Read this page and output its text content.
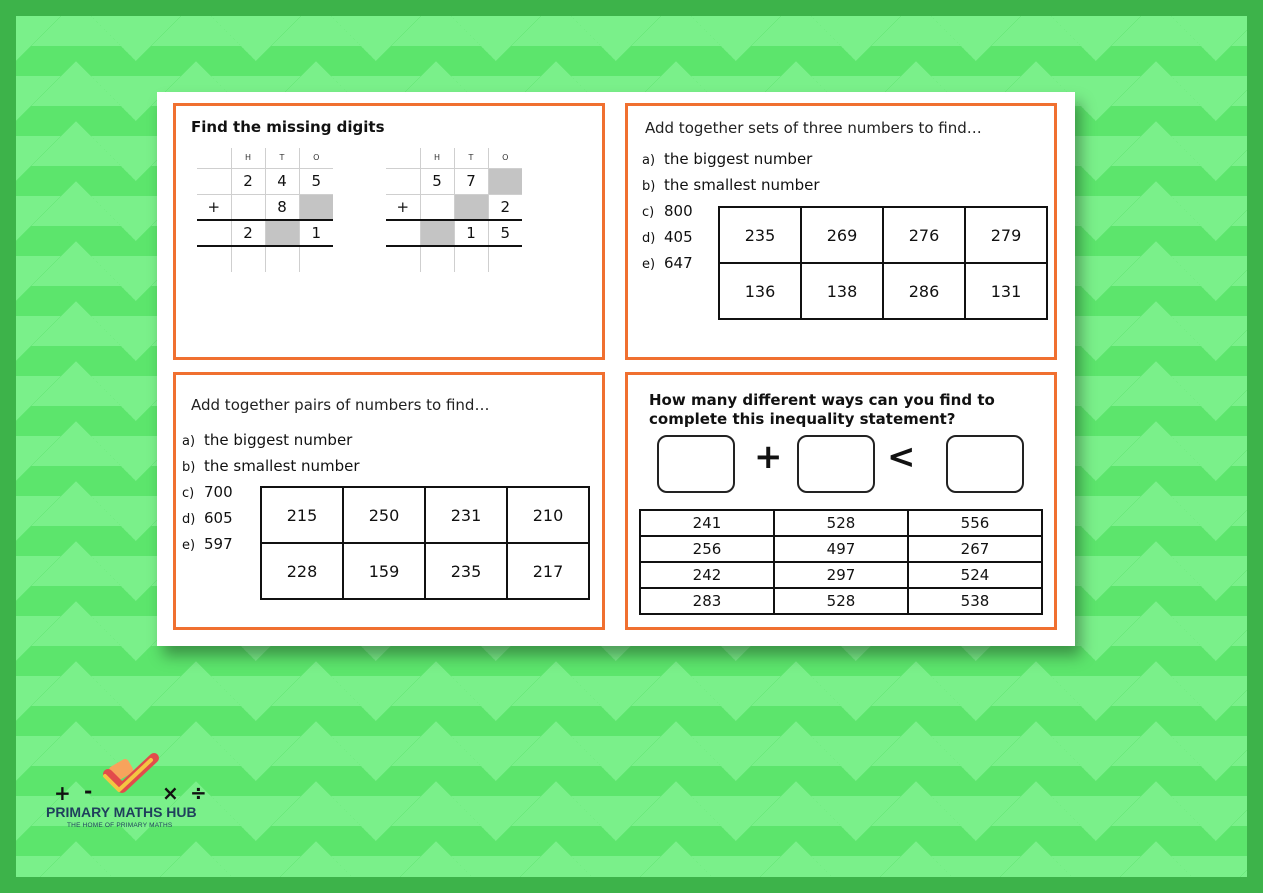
Find the missing digits
	H	T	O
	2	4	5
+		8	
	2		1

	H	T	O
	5	7	
+			2
		1	5

Add together sets of three numbers to find…
a) the biggest number
b) the smallest number
c) 800
d) 405
e) 647
235	269	276	279
136	138	286	131
Add together pairs of numbers to find…
a) the biggest number
b) the smallest number
c) 700
d) 605
e) 597
215	250	231	210
228	159	235	217
How many different ways can you find to
complete this inequality statement?
+	<
241	528	556
256	497	267
242	297	524
283	528	538
+ -	× ÷
PRIMARY MATHS HUB
THE HOME OF PRIMARY MATHS
